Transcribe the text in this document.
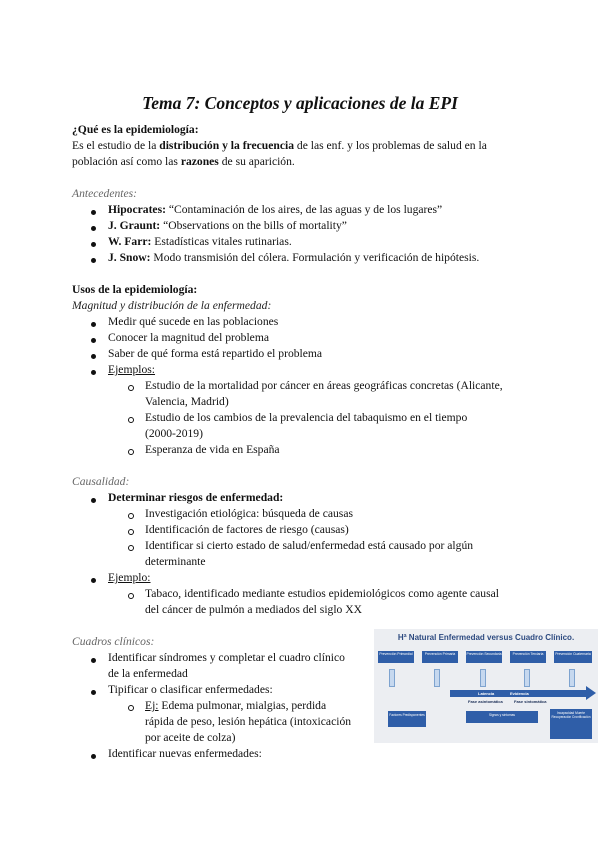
Tema 7: Conceptos y aplicaciones de la EPI
¿Qué es la epidemiología:
Es el estudio de la distribución y la frecuencia de las enf. y los problemas de salud en la
población así como las razones de su aparición.
Antecedentes:
Hipocrates: “Contaminación de los aires, de las aguas y de los lugares”
J. Graunt: “Observations on the bills of mortality”
W. Farr: Estadísticas vitales rutinarias.
J. Snow: Modo transmisión del cólera. Formulación y verificación de hipótesis.
Usos de la epidemiología:
Magnitud y distribución de la enfermedad:
Medir qué sucede en las poblaciones
Conocer la magnitud del problema
Saber de qué forma está repartido el problema
Ejemplos:
Estudio de la mortalidad por cáncer en áreas geográficas concretas (Alicante,
Valencia, Madrid)
Estudio de los cambios de la prevalencia del tabaquismo en el tiempo
(2000-2019)
Esperanza de vida en España
Causalidad:
Determinar riesgos de enfermedad:
Investigación etiológica: búsqueda de causas
Identificación de factores de riesgo (causas)
Identificar si cierto estado de salud/enfermedad está causado por algún
determinante
Ejemplo:
Tabaco, identificado mediante estudios epidemiológicos como agente causal
del cáncer de pulmón a mediados del siglo XX
Cuadros clínicos:
Identificar síndromes y completar el cuadro clínico
de la enfermedad
Tipificar o clasificar enfermedades:
Ej: Edema pulmonar, mialgias, perdida
rápida de peso, lesión hepática (intoxicación
por aceite de colza)
Identificar nuevas enfermedades:
Hª Natural Enfermedad versus Cuadro Clínico.
Prevención Primordial	Prevención Primaria	Prevención Secundaria	Prevención Terciaria	Prevención Cuaternaria
Latencia	Evidencia
Fase asintomática	Fase sintomática
Factores Predisponentes	Signos y síntomas	Incapacidad Muerte Recuperación Cronificación
